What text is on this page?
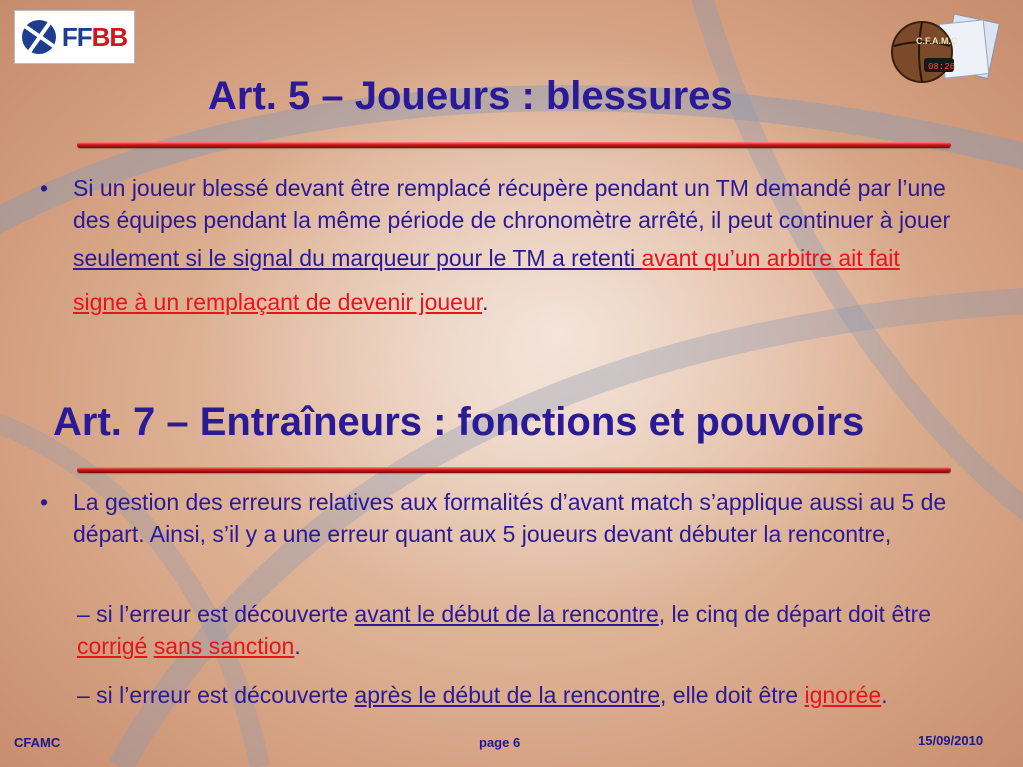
FFBB	C.F.A.M.C
08:26
Art. 5 – Joueurs : blessures
• Si un joueur blessé devant être remplacé récupère pendant un TM demandé par l’une des équipes pendant la même période de chronomètre arrêté, il peut continuer à jouer seulement si le signal du marqueur pour le TM a retenti avant qu’un arbitre ait fait signe à un remplaçant de devenir joueur.
Art. 7 – Entraîneurs : fonctions et pouvoirs
• La gestion des erreurs relatives aux formalités d’avant match s’applique aussi au 5 de départ. Ainsi, s’il y a une erreur quant aux 5 joueurs devant débuter la rencontre,
– si l’erreur est découverte avant le début de la rencontre, le cinq de départ doit être corrigé sans sanction.
– si l’erreur est découverte après le début de la rencontre, elle doit être ignorée.
CFAMC	page 6	15/09/2010
